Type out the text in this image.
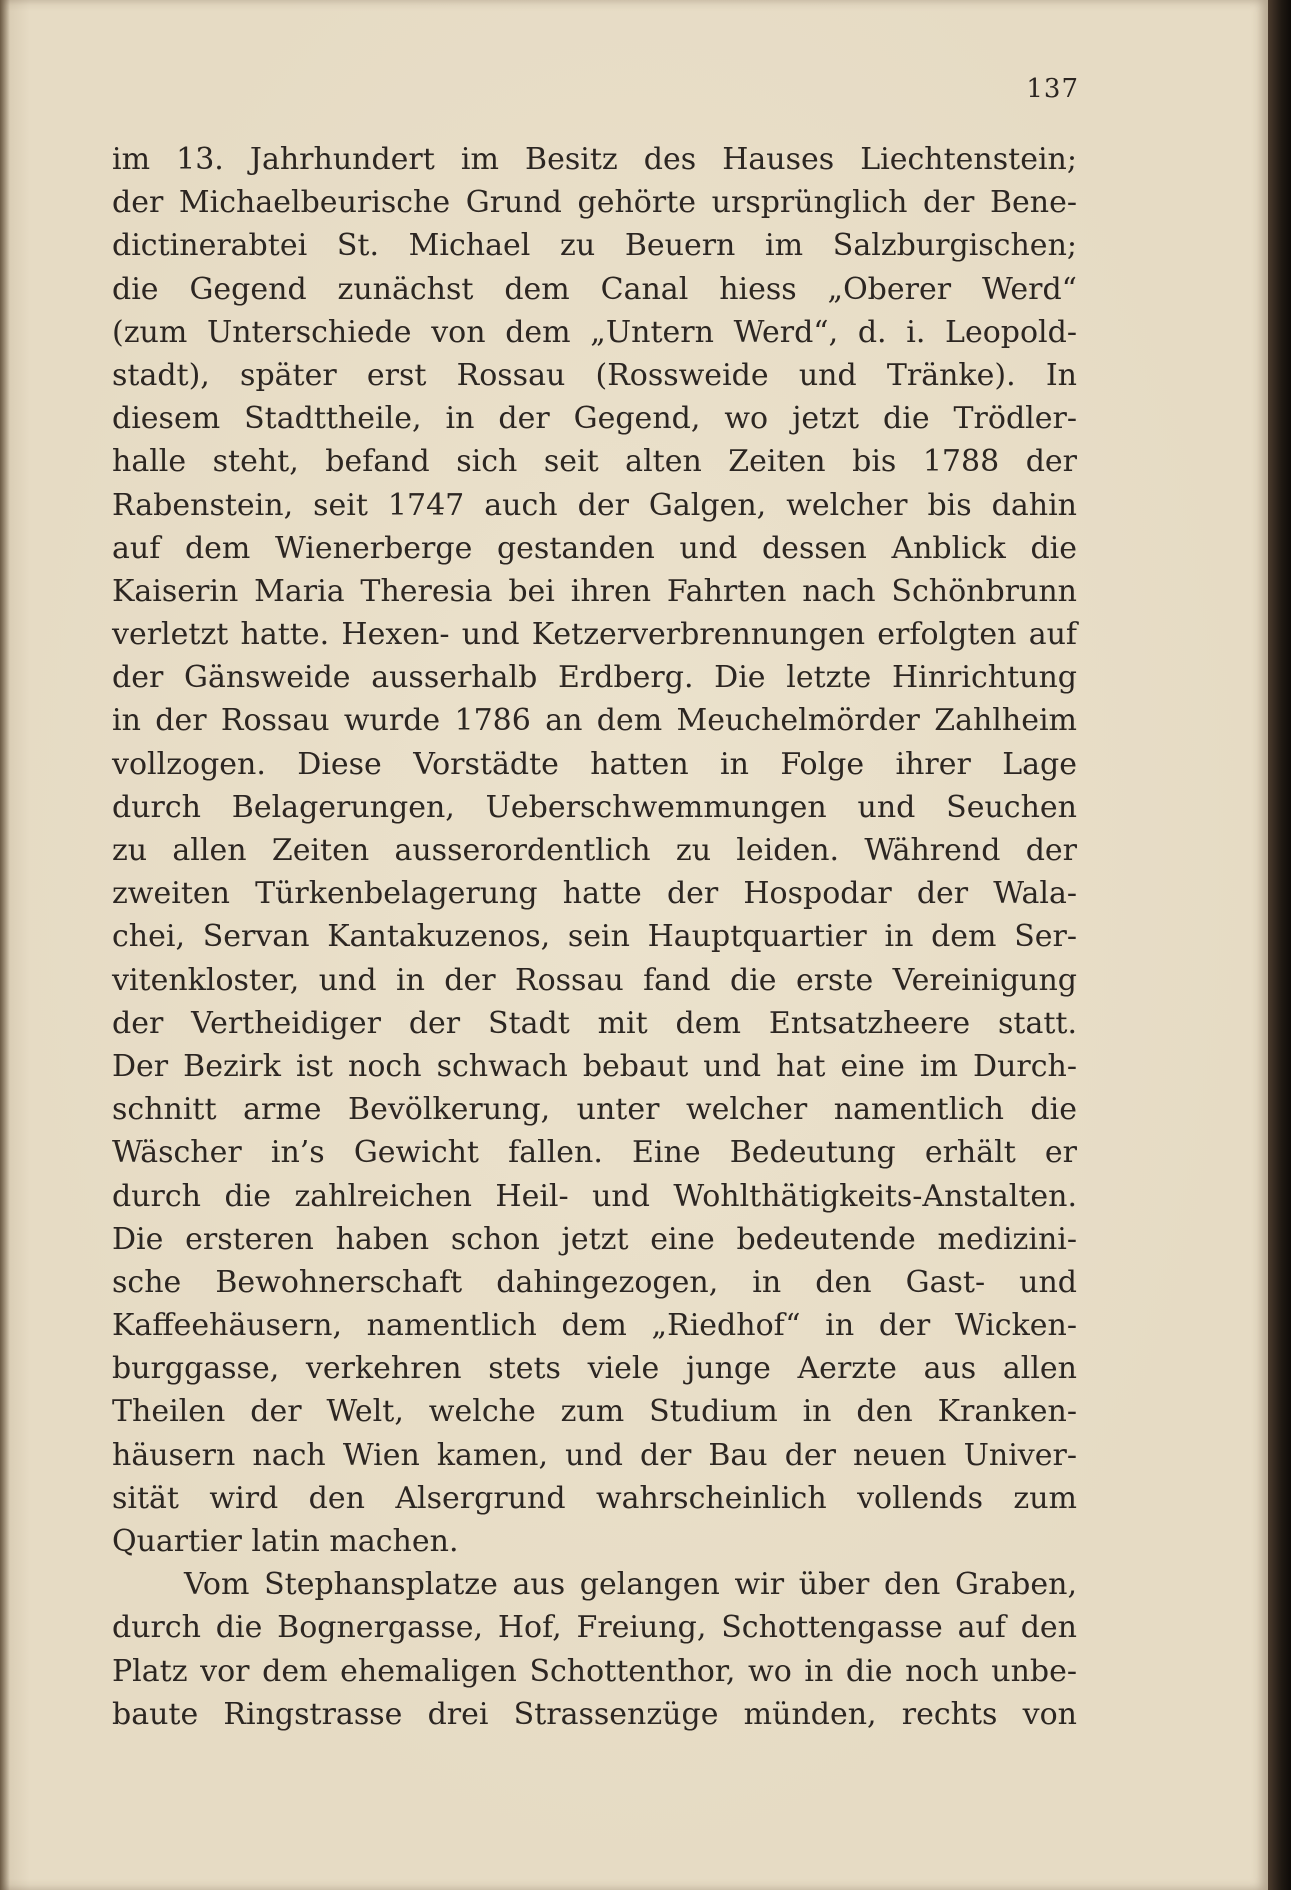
137
im 13. Jahrhundert im Besitz des Hauses Liechtenstein;
der Michaelbeurische Grund gehörte ursprünglich der Bene-
dictinerabtei St. Michael zu Beuern im Salzburgischen;
die Gegend zunächst dem Canal hiess „Oberer Werd“
(zum Unterschiede von dem „Untern Werd“, d. i. Leopold-
stadt), später erst Rossau (Rossweide und Tränke). In
diesem Stadttheile, in der Gegend, wo jetzt die Trödler-
halle steht, befand sich seit alten Zeiten bis 1788 der
Rabenstein, seit 1747 auch der Galgen, welcher bis dahin
auf dem Wienerberge gestanden und dessen Anblick die
Kaiserin Maria Theresia bei ihren Fahrten nach Schönbrunn
verletzt hatte. Hexen- und Ketzerverbrennungen erfolgten auf
der Gänsweide ausserhalb Erdberg. Die letzte Hinrichtung
in der Rossau wurde 1786 an dem Meuchelmörder Zahlheim
vollzogen. Diese Vorstädte hatten in Folge ihrer Lage
durch Belagerungen, Ueberschwemmungen und Seuchen
zu allen Zeiten ausserordentlich zu leiden. Während der
zweiten Türkenbelagerung hatte der Hospodar der Wala-
chei, Servan Kantakuzenos, sein Hauptquartier in dem Ser-
vitenkloster, und in der Rossau fand die erste Vereinigung
der Vertheidiger der Stadt mit dem Entsatzheere statt.
Der Bezirk ist noch schwach bebaut und hat eine im Durch-
schnitt arme Bevölkerung, unter welcher namentlich die
Wäscher in’s Gewicht fallen. Eine Bedeutung erhält er
durch die zahlreichen Heil- und Wohlthätigkeits-Anstalten.
Die ersteren haben schon jetzt eine bedeutende medizini-
sche Bewohnerschaft dahingezogen, in den Gast- und
Kaffeehäusern, namentlich dem „Riedhof“ in der Wicken-
burggasse, verkehren stets viele junge Aerzte aus allen
Theilen der Welt, welche zum Studium in den Kranken-
häusern nach Wien kamen, und der Bau der neuen Univer-
sität wird den Alsergrund wahrscheinlich vollends zum
Quartier latin machen.
Vom Stephansplatze aus gelangen wir über den Graben,
durch die Bognergasse, Hof, Freiung, Schottengasse auf den
Platz vor dem ehemaligen Schottenthor, wo in die noch unbe-
baute Ringstrasse drei Strassenzüge münden, rechts von
